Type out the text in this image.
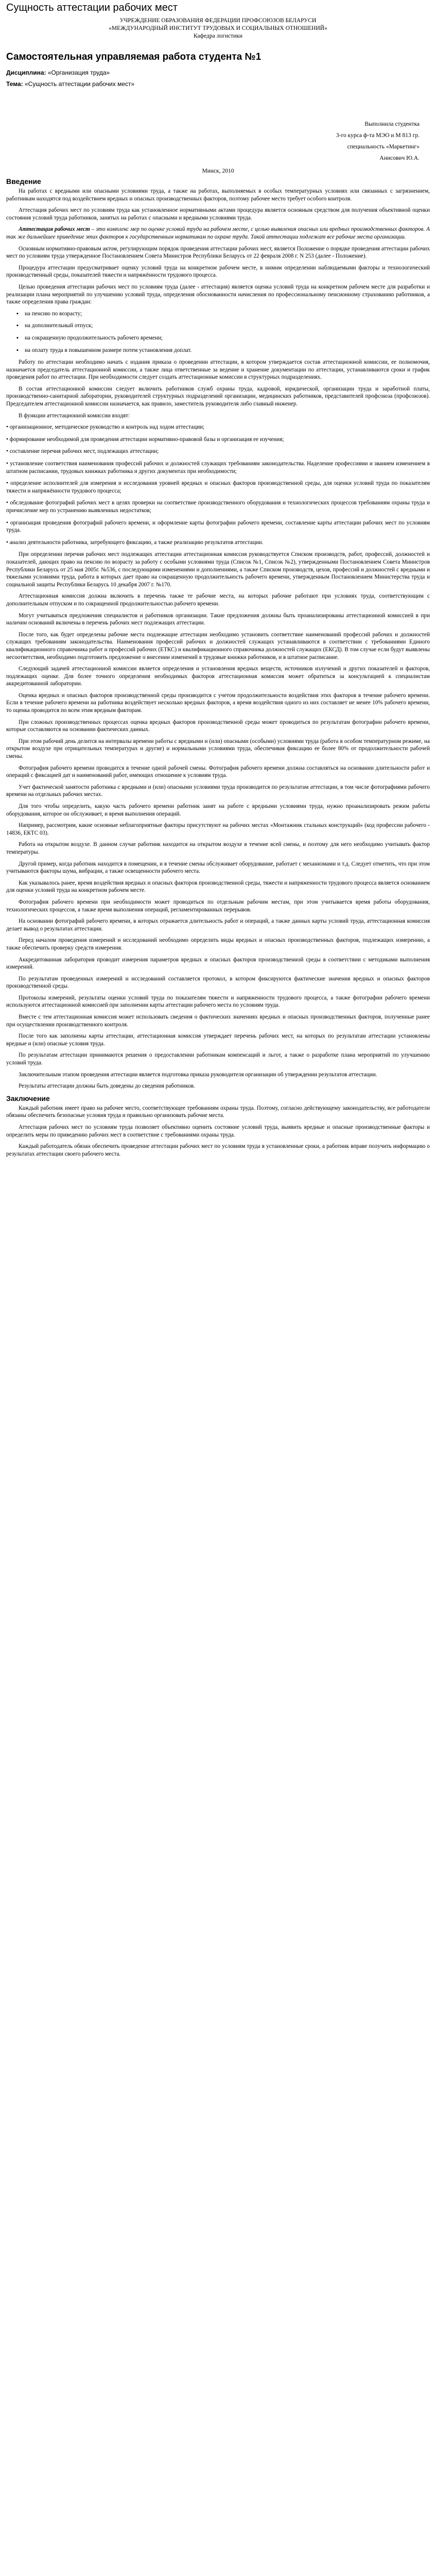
Сущность аттестации рабочих мест
УЧРЕЖДЕНИЕ ОБРАЗОВАНИЯ ФЕДЕРАЦИИ ПРОФСОЮЗОВ БЕЛАРУСИ
«МЕЖДУНАРОДНЫЙ ИНСТИТУТ ТРУДОВЫХ И СОЦИАЛЬНЫХ ОТНОШЕНИЙ»
Кафедра логистики
Самостоятельная управляемая работа студента №1
Дисциплина: «Организация труда»
Тема: «Сущность аттестации рабочих мест»
Выполнила студентка
3-го курса ф-та МЭО и М 813 гр.
специальность «Маркетинг»
Анисович Ю.А.
Минск, 2010
Введение

На работах с вредными или опасными условиями труда, а также на работах, выполняемых в особых температурных условиях или связанных с загрязнением, работникам находятся под воздействием вредных и опасных производственных факторов, поэтому рабочее место требует особого контроля.

Аттестация рабочих мест по условиям труда как установленное нормативными актами процедура является основным средством для получения объективной оценки состояния условий труда работников, занятых на работах с опасными и вредными условиями труда.

Аттестация рабочих мест – это комплекс мер по оценке условий труда на рабочем месте, с целью выявления опасных или вредных производственных факторов. А так же дальнейшее приведение этих факторов к государственным нормативам по охране труда. Такой аттестации подлежат все рабочие места организации.

Основным нормативно-правовым актом, регулирующим порядок проведения аттестации рабочих мест, является Положение о порядке проведения аттестации рабочих мест по условиям труда утвержденное Постановлением Совета Министров Республики Беларусь от 22 февраля 2008 г. N 253 (далее - Положение).

Процедура аттестации предусматривает оценку условий труда на конкретном рабочем месте, в ннмнм определении наблюдаемыми факторы и технологический производственный среды, показателей тяжести и напряжённости трудового процесса.

Целью проведения аттестации рабочих мест по условиям труда (далее - аттестация) является оценка условий труда на конкретном рабочем месте для разработки и реализации плана мероприятий по улучшению условий труда, определения обоснованности начисления по профессиональному пенсионному страхованию работников, а также определения права граждан:

▪ на пенсию по возрасту;
▪ на дополнительный отпуск;
▪ на сокращенную продолжительность рабочего времени;
▪ на оплату труда в повышенном размере потем установления доплат.

Работу по аттестации необходимо начать с издания приказа о проведении аттестации, в котором утверждается состав аттестационной комиссии, ее полномочия, назначается председатель аттестационной комиссии, а также лица ответственные за ведение и хранение документации по аттестации, устанавливаются сроки и график проведения работ по аттестации. При необходимости следует создать аттестационные комиссии в структурных подразделениях.

В состав аттестационной комиссии следует включить работников служб охраны труда, кадровой, юридической, организации труда и заработной платы, производственно-санитарной лаборатории, руководителей структурных подразделений организации, медицинских работников, представителей профсоюза (профсоюзов). Председателем аттестационной комиссии назначается, как правило, заместитель руководителя либо главный инженер.

В функции аттестационной комиссии входят:

• организационное, методическое руководство и контроль над ходом аттестации;
• формирование необходимой для проведения аттестации нормативно-правовой базы и организация ее изучения;
• составление перечня рабочих мест, подлежащих аттестации;
• установление соответствия наименования профессий рабочих и должностей служащих требованиям законодательства. Наделение профессиями и званием изменением в штатном расписании, трудовых книжках работника и других документах при необходимости;
• определение исполнителей для измерения и исследования уровней вредных и опасных факторов производственной среды, для оценки условий труда по показателям тяжести и напряжённости трудового процесса;
• обследование фотографий рабочих мест в целях проверки на соответствие производственного оборудования и технологических процессов требованиям охраны труда и причисление мер по устранению выявленных недостатков;
• организация проведения фотографий рабочего времени, и оформление карты фотографии рабочего времени, составление карты аттестации рабочих мест по условиям труда.
• анализ деятельности работника, затребующего фиксацию, а также реализацию результатов аттестации.

При определении перечня рабочих мест подлежащих аттестации аттестационная комиссия руководствуется Списком производств, работ, профессий, должностей и показателей, дающих право на пенсию по возрасту за работу с особыми условиями труда (Список №1, Список №2), утвержденными Постановлением Совета Министров Республики Беларусь от 25 мая 2005г. №536, с последующими изменениями и дополнениями, а также Списком производств, цехов, профессий и должностей с вредными и тяжелыми условиями труда, работа в которых дает право на сокращенную продолжительность рабочего времени, утвержденным Постановлением Министерства труда и социальной защиты Республики Беларусь 10 декабря 2007 г. №170.

Аттестационная комиссия должна включить в перечень также те рабочие места, на которых рабочие работают при условиях труда, соответствующим с дополнительным отпуском и по сокращенной продолжительностью рабочего времени.

Могут учитываться предложения специалистов и работников организации. Такие предложения должны быть проанализированы аттестационной комиссией в при наличии оснований включены в перечень рабочих мест подлежащих аттестации.

После того, как будет определены рабочие места подлежащие аттестации необходимо установить соответствие наименований профессий рабочих и должностей служащих требованиям законодательства. Наименования профессий рабочих и должностей служащих устанавливаются в соответствии с требованиями Единого квалификационного справочника работ и профессий рабочих (ЕТКС) и квалификационного справочника должностей служащих (ЕКСД). В том случае если будут выявлены несоответствия, необходимо подготовить предложение о внесении изменений в трудовые книжки работников, и в штатное расписание.

Следующий задачей аттестационной комиссии является определения и установления вредных веществ, источников излучений и других показателей и факторов, подлежащих оценке. Для более точного определения необходимых факторов аттестационная комиссия может обратиться за консультацией к специалистам аккредитованной лаборатории.

Оценка вредных и опасных факторов производственной среды производится с учетом продолжительности воздействия этих факторов в течение рабочего времени. Если в течение рабочего времени на работника воздействует несколько вредных факторов, а время воздействия одного из них составляет не менее 10% рабочего времени, то оценка проводится по всем этим вредным факторам.

При сложных производственных процессах оценка вредных факторов производственной среды может проводиться по результатам фотографии рабочего времени, которые составляются на основании фактических данных.

При этом рабочий день делится на интервалы времени работы с вредными и (или) опасными (особыми) условиями труда (работа в особом температурном режиме, на открытом воздухе при отрицательных температурах и другие) и нормальными условиями труда, обеспечивая фиксацию ее более 80% от продолжительности рабочей смены.

Фотография рабочего времени проводится в течение одной рабочей смены. Фотография рабочего времени должна составляться на основании длительности работ и операций с фиксацией дат и наименований работ, имеющих отношение к условиям труда.

Учет фактической занятости работника с вредными и (или) опасными условиями труда производится по результатам аттестации, в том числе фотографиями рабочего времени на отдельных рабочих местах.

Для того чтобы определить, какую часть рабочего времени работник занят на работе с вредными условиями труда, нужно проанализировать режим работы оборудования, которое он обслуживает, и время выполнения операций.

Например, рассмотрим, какие основные неблагоприятные факторы присутствуют на рабочих местах «Монтажник стальных конструкций» (код профессии рабочего - 14836, ЕКТС 03).

Работа на открытом воздухе. В данном случае работник находится на открытом воздухе в течение всей смены, и поэтому для него необходимо учитывать фактор температуры.

Другой пример, когда работник находится в помещении, и в течение смены обслуживает оборудование, работает с механизмами и т.д. Следует отметить, что при этом учитываются факторы шума, вибрации, а также освещенности рабочего места.

Как указывалось ранее, время воздействия вредных и опасных факторов производственной среды, тяжести и напряженности трудового процесса является основанием для оценки условий труда на конкретном рабочем месте.

Фотография рабочего времени при необходимости может проводиться по отдельным рабочим местам, при этом учитывается время работы оборудования, технологических процессов, а также время выполнения операций, регламентированных перерывов.

На основании фотографий рабочего времени, в которых отражается длительность работ и операций, а также данных карты условий труда, аттестационная комиссия делает вывод о результатах аттестации.

Перед началом проведения измерений и исследований необходимо определить виды вредных и опасных производственных факторов, подлежащих измерению, а также обеспечить проверку средств измерения.

Аккредитованная лаборатория проводит измерения параметров вредных и опасных факторов производственной среды в соответствии с методиками выполнения измерений.

По результатам проведенных измерений и исследований составляется протокол, в котором фиксируются фактические значения вредных и опасных факторов производственной среды.

Протоколы измерений, результаты оценки условий труда по показателям тяжести и напряженности трудового процесса, а также фотографии рабочего времени используются аттестационной комиссией при заполнении карты аттестации рабочего места по условиям труда.

Вместе с тем аттестационная комиссия может использовать сведения о фактических значениях вредных и опасных производственных факторов, полученные ранее при осуществлении производственного контроля.

После того как заполнены карты аттестации, аттестационная комиссия утверждает перечень рабочих мест, на которых по результатам аттестации установлены вредные и (или) опасные условия труда.

По результатам аттестации принимаются решения о предоставлении работникам компенсаций и льгот, а также о разработке плана мероприятий по улучшению условий труда.

Заключительным этапом проведения аттестации является подготовка приказа руководителя организации об утверждении результатов аттестации.

Результаты аттестации должны быть доведены до сведения работников.

Заключение

Каждый работник имеет право на рабочее место, соответствующее требованиям охраны труда. Поэтому, согласно действующему законодательству, все работодатели обязаны обеспечить безопасные условия труда и правильно организовать рабочие места.

Аттестация рабочих мест по условиям труда позволяет объективно оценить состояние условий труда, выявить вредные и опасные производственные факторы и определить меры по приведению рабочих мест в соответствие с требованиями охраны труда.

Каждый работодатель обязан обеспечить проведение аттестации рабочих мест по условиям труда в установленные сроки, а работник вправе получить информацию о результатах аттестации своего рабочего места.
